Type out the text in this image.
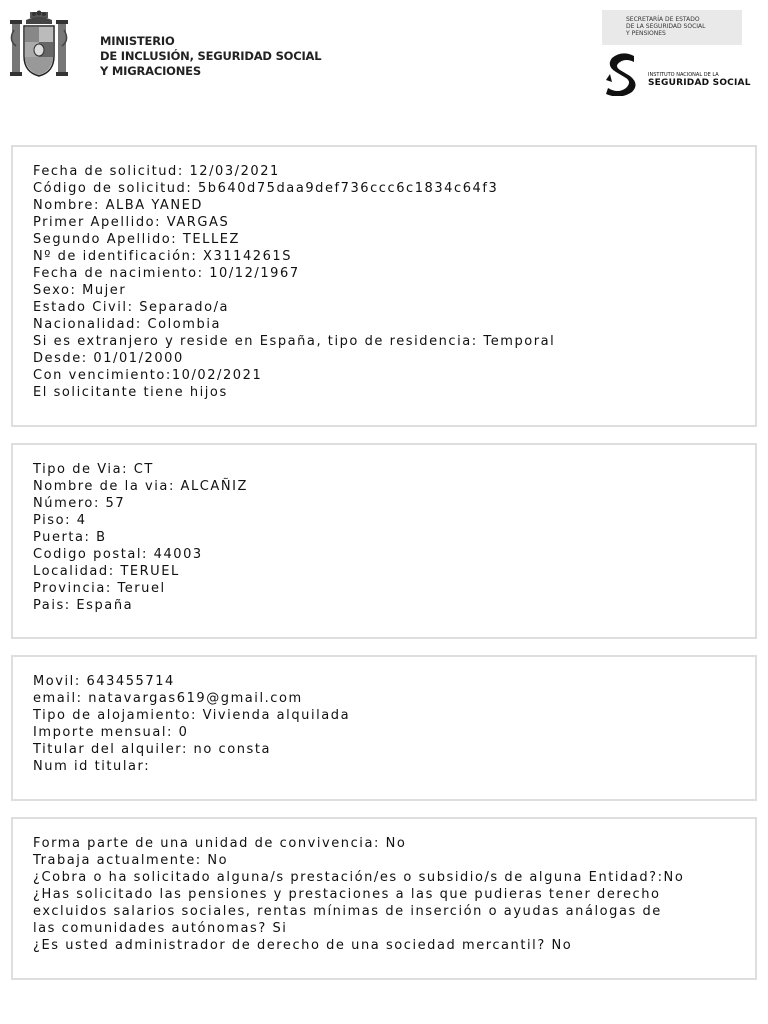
MINISTERIO
DE INCLUSIÓN, SEGURIDAD SOCIAL
Y MIGRACIONES
SECRETARÍA DE ESTADO
DE LA SEGURIDAD SOCIAL
Y PENSIONES
INSTITUTO NACIONAL DE LA
SEGURIDAD SOCIAL
Fecha de solicitud: 12/03/2021
Código de solicitud: 5b640d75daa9def736ccc6c1834c64f3
Nombre: ALBA YANED
Primer Apellido: VARGAS
Segundo Apellido: TELLEZ
Nº de identificación: X3114261S
Fecha de nacimiento: 10/12/1967
Sexo: Mujer
Estado Civil: Separado/a
Nacionalidad: Colombia
Si es extranjero y reside en España, tipo de residencia: Temporal
Desde: 01/01/2000
Con vencimiento:10/02/2021
El solicitante tiene hijos
Tipo de Via: CT
Nombre de la via: ALCAÑIZ
Número: 57
Piso: 4
Puerta: B
Codigo postal: 44003
Localidad: TERUEL
Provincia: Teruel
Pais: España
Movil: 643455714
email: natavargas619@gmail.com
Tipo de alojamiento: Vivienda alquilada
Importe mensual: 0
Titular del alquiler: no consta
Num id titular:
Forma parte de una unidad de convivencia: No
Trabaja actualmente: No
¿Cobra o ha solicitado alguna/s prestación/es o subsidio/s de alguna Entidad?:No
¿Has solicitado las pensiones y prestaciones a las que pudieras tener derecho
excluidos salarios sociales, rentas mínimas de inserción o ayudas análogas de
las comunidades autónomas? Si
¿Es usted administrador de derecho de una sociedad mercantil? No
